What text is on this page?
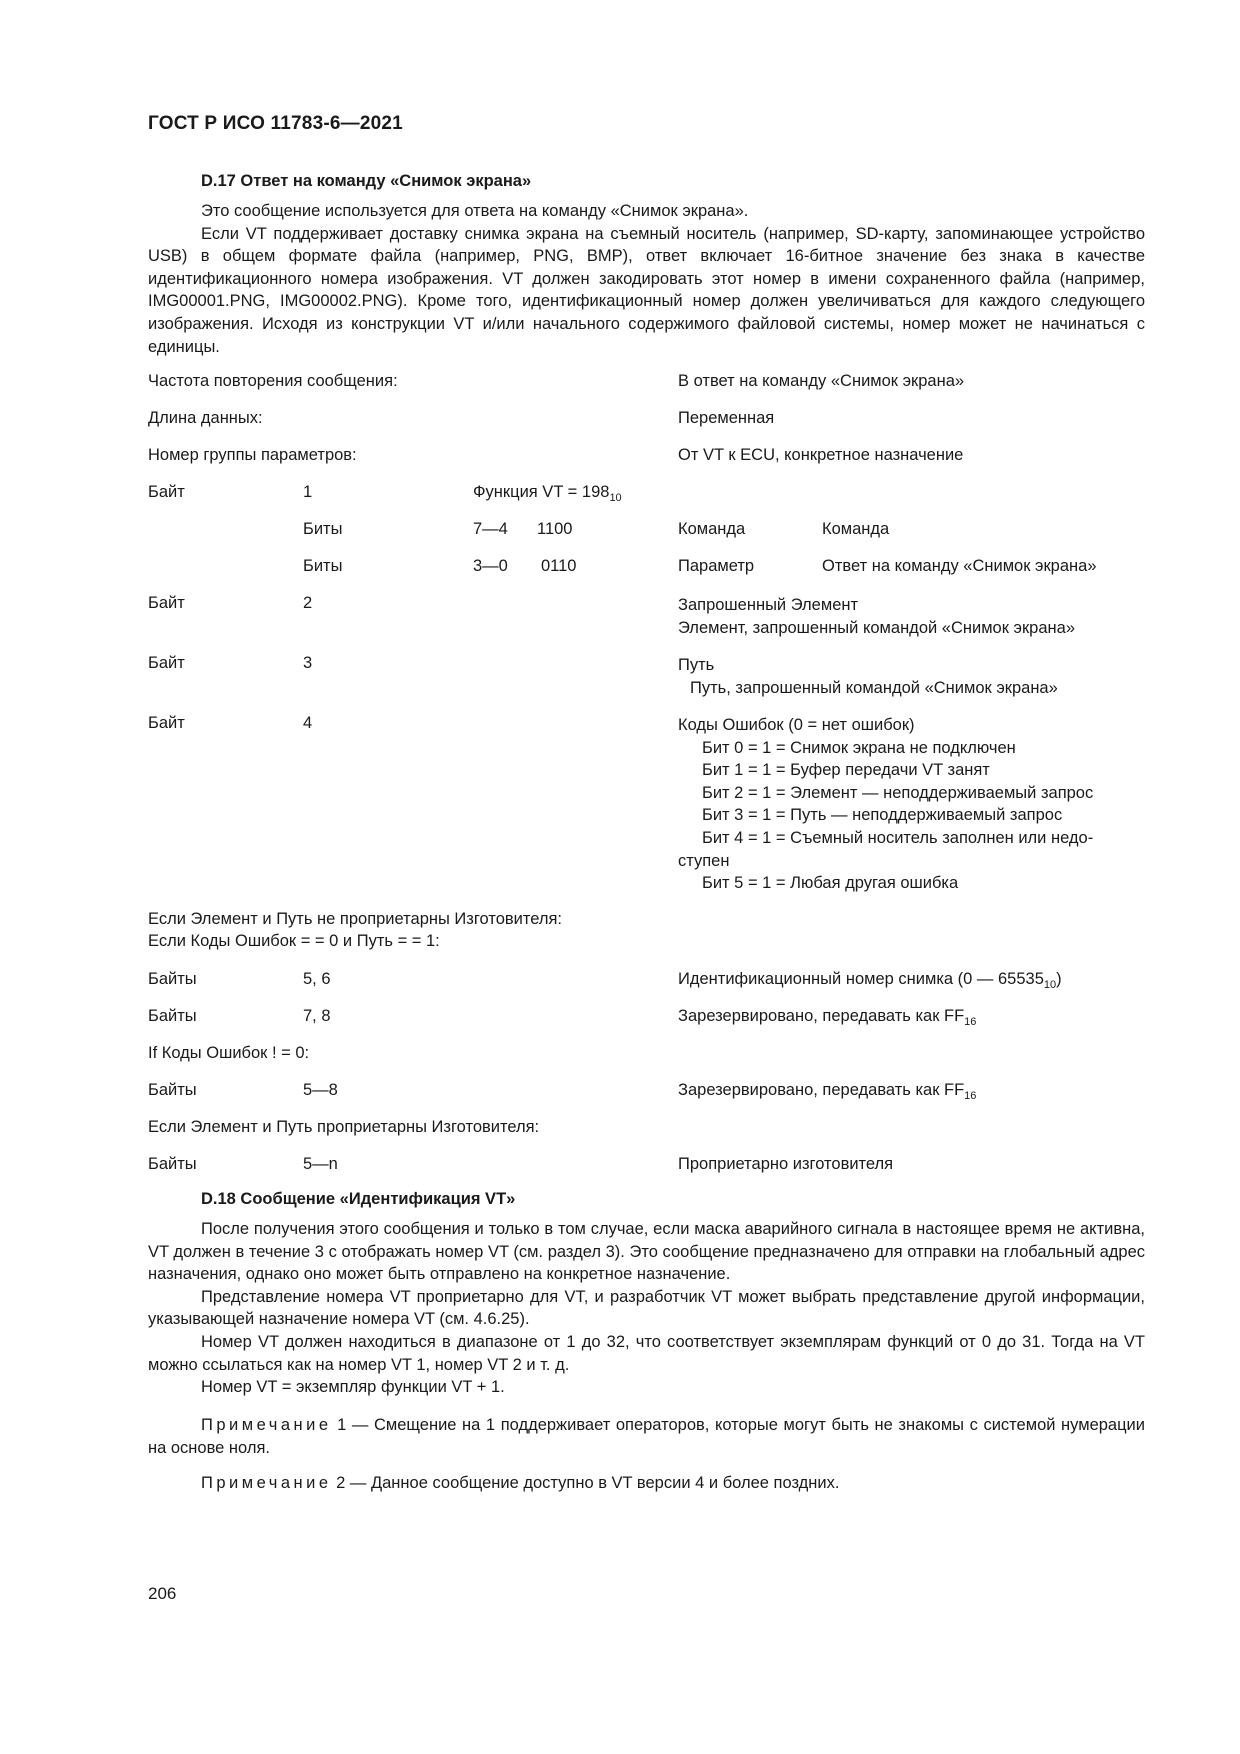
ГОСТ Р ИСО 11783-6—2021
D.17 Ответ на команду «Снимок экрана»

Это сообщение используется для ответа на команду «Снимок экрана».

Если VT поддерживает доставку снимка экрана на съемный носитель (например, SD-карту, запоминающее устройство USB) в общем формате файла (например, PNG, BMP), ответ включает 16-битное значение без знака в качестве идентификационного номера изображения. VT должен закодировать этот номер в имени сохраненного файла (например, IMG00001.PNG, IMG00002.PNG). Кроме того, идентификационный номер должен увеличиваться для каждого следующего изображения. Исходя из конструкции VT и/или начального содержимого файловой системы, номер может не начинаться с единицы.

Частота повторения сообщения:	В ответ на команду «Снимок экрана»
Длина данных:	Переменная
Номер группы параметров:	От VT к ECU, конкретное назначение
Байт	1	Функция VT = $198_{10}$
Биты	7—4 1100	Команда	Команда
Биты	3—0 0110	Параметр	Ответ на команду «Снимок экрана»
Байт	2	Запрошенный Элемент
Элемент, запрошенный командой «Снимок экрана»
Байт	3	Путь
Путь, запрошенный командой «Снимок экрана»
Байт	4	Коды Ошибок (0 = нет ошибок)
Бит 0 = 1 = Снимок экрана не подключен
Бит 1 = 1 = Буфер передачи VT занят
Бит 2 = 1 = Элемент — неподдерживаемый запрос
Бит 3 = 1 = Путь — неподдерживаемый запрос
Бит 4 = 1 = Съемный носитель заполнен или недо-
ступен
Бит 5 = 1 = Любая другая ошибка
Если Элемент и Путь не проприетарны Изготовителя:
Если Коды Ошибок = = 0 и Путь = = 1:
Байты	5, 6	Идентификационный номер снимка (0 — $65535_{10}$)
Байты	7, 8	Зарезервировано, передавать как $FF_{16}$
If Коды Ошибок ! = 0:
Байты	5—8	Зарезервировано, передавать как $FF_{16}$
Если Элемент и Путь проприетарны Изготовителя:
Байты	5—n	Проприетарно изготовителя
D.18 Сообщение «Идентификация VT»

После получения этого сообщения и только в том случае, если маска аварийного сигнала в настоящее время не активна, VT должен в течение 3 с отображать номер VT (см. раздел 3). Это сообщение предназначено для отправки на глобальный адрес назначения, однако оно может быть отправлено на конкретное назначение.

Представление номера VT проприетарно для VT, и разработчик VT может выбрать представление другой информации, указывающей назначение номера VT (см. 4.6.25).

Номер VT должен находиться в диапазоне от 1 до 32, что соответствует экземплярам функций от 0 до 31. Тогда на VT можно ссылаться как на номер VT 1, номер VT 2 и т. д.

Номер VT = экземпляр функции VT + 1.

Примечание 1 — Смещение на 1 поддерживает операторов, которые могут быть не знакомы с системой нумерации на основе ноля.

Примечание 2 — Данное сообщение доступно в VT версии 4 и более поздних.

206
